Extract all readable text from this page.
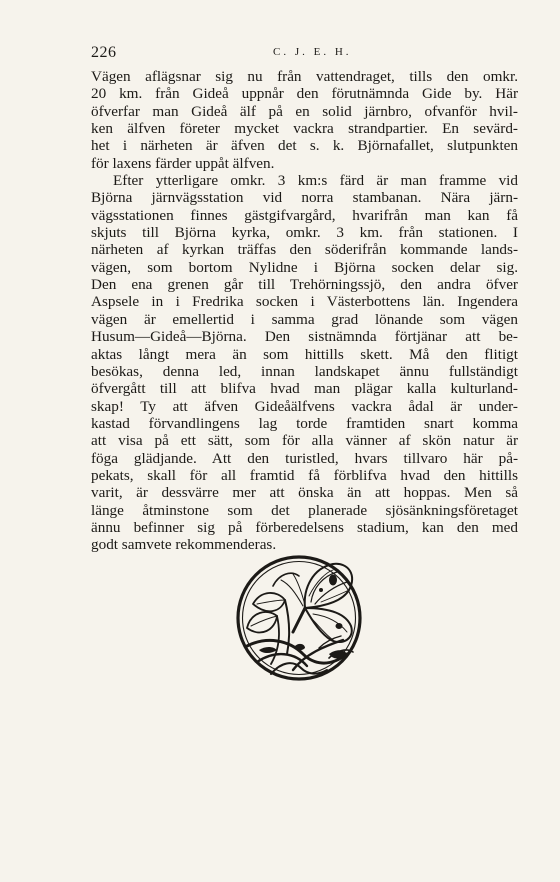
226	C. J. E. H.
Vägen aflägsnar sig nu från vattendraget, tills den omkr.
20 km. från Gideå uppnår den förutnämnda Gide by. Här
öfverfar man Gideå älf på en solid järnbro, ofvanför hvil-
ken älfven företer mycket vackra strandpartier. En sevärd-
het i närheten är äfven det s. k. Björnafallet, slutpunkten
för laxens färder uppåt älfven.
Efter ytterligare omkr. 3 km:s färd är man framme vid
Björna järnvägsstation vid norra stambanan. Nära järn-
vägsstationen finnes gästgifvargård, hvarifrån man kan få
skjuts till Björna kyrka, omkr. 3 km. från stationen. I
närheten af kyrkan träffas den söderifrån kommande lands-
vägen, som bortom Nylidne i Björna socken delar sig.
Den ena grenen går till Trehörningssjö, den andra öfver
Aspsele in i Fredrika socken i Västerbottens län. Ingendera
vägen är emellertid i samma grad lönande som vägen
Husum—Gideå—Björna. Den sistnämnda förtjänar att be-
aktas långt mera än som hittills skett. Må den flitigt
besökas, denna led, innan landskapet ännu fullständigt
öfvergått till att blifva hvad man plägar kalla kulturland-
skap! Ty att äfven Gideåälfvens vackra ådal är under-
kastad förvandlingens lag torde framtiden snart komma
att visa på ett sätt, som för alla vänner af skön natur är
föga glädjande. Att den turistled, hvars tillvaro här på-
pekats, skall för all framtid få förblifva hvad den hittills
varit, är dessvärre mer att önska än att hoppas. Men så
länge åtminstone som det planerade sjösänkningsföretaget
ännu befinner sig på förberedelsens stadium, kan den med
godt samvete rekommenderas.
